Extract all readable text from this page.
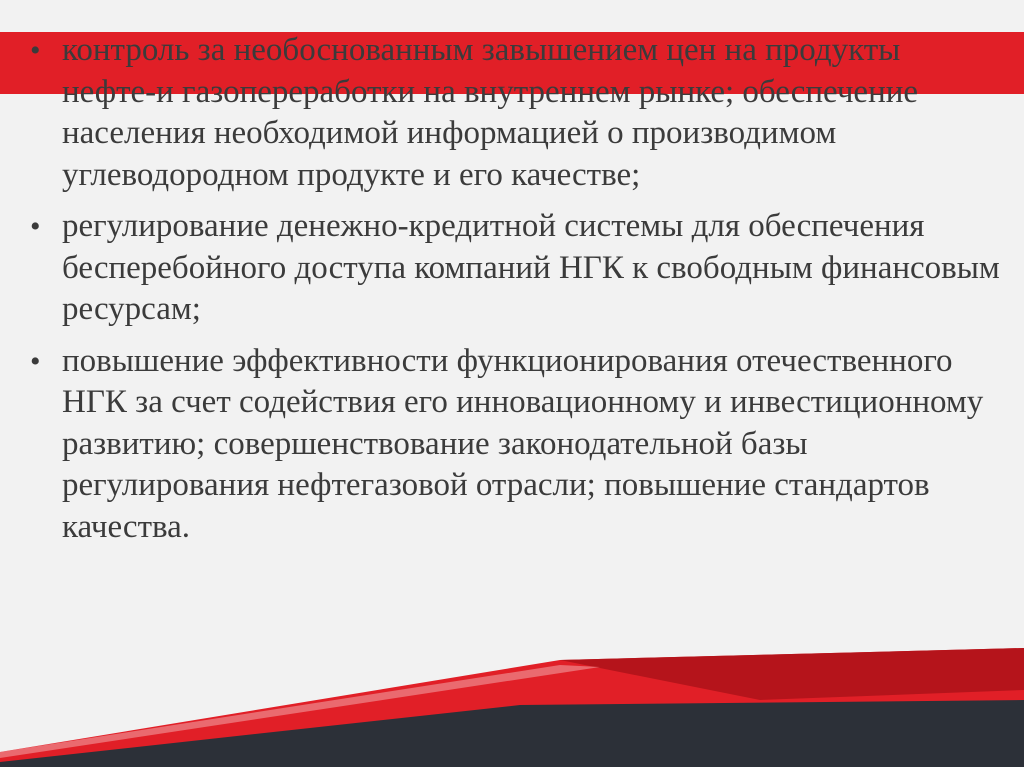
• контроль за необоснованным завышением цен на продукты нефте-и газопереработки на внутреннем рынке; обеспечение населения необходимой информацией о производимом углеводородном продукте и его качестве;
• регулирование денежно-кредитной системы для обеспечения бесперебойного доступа компаний НГК к свободным финансовым ресурсам;
• повышение эффективности функционирования отечественного НГК за счет содействия его инновационному и инвестиционному развитию; совершенствование законодательной базы регулирования нефтегазовой отрасли; повышение стандартов качества.
